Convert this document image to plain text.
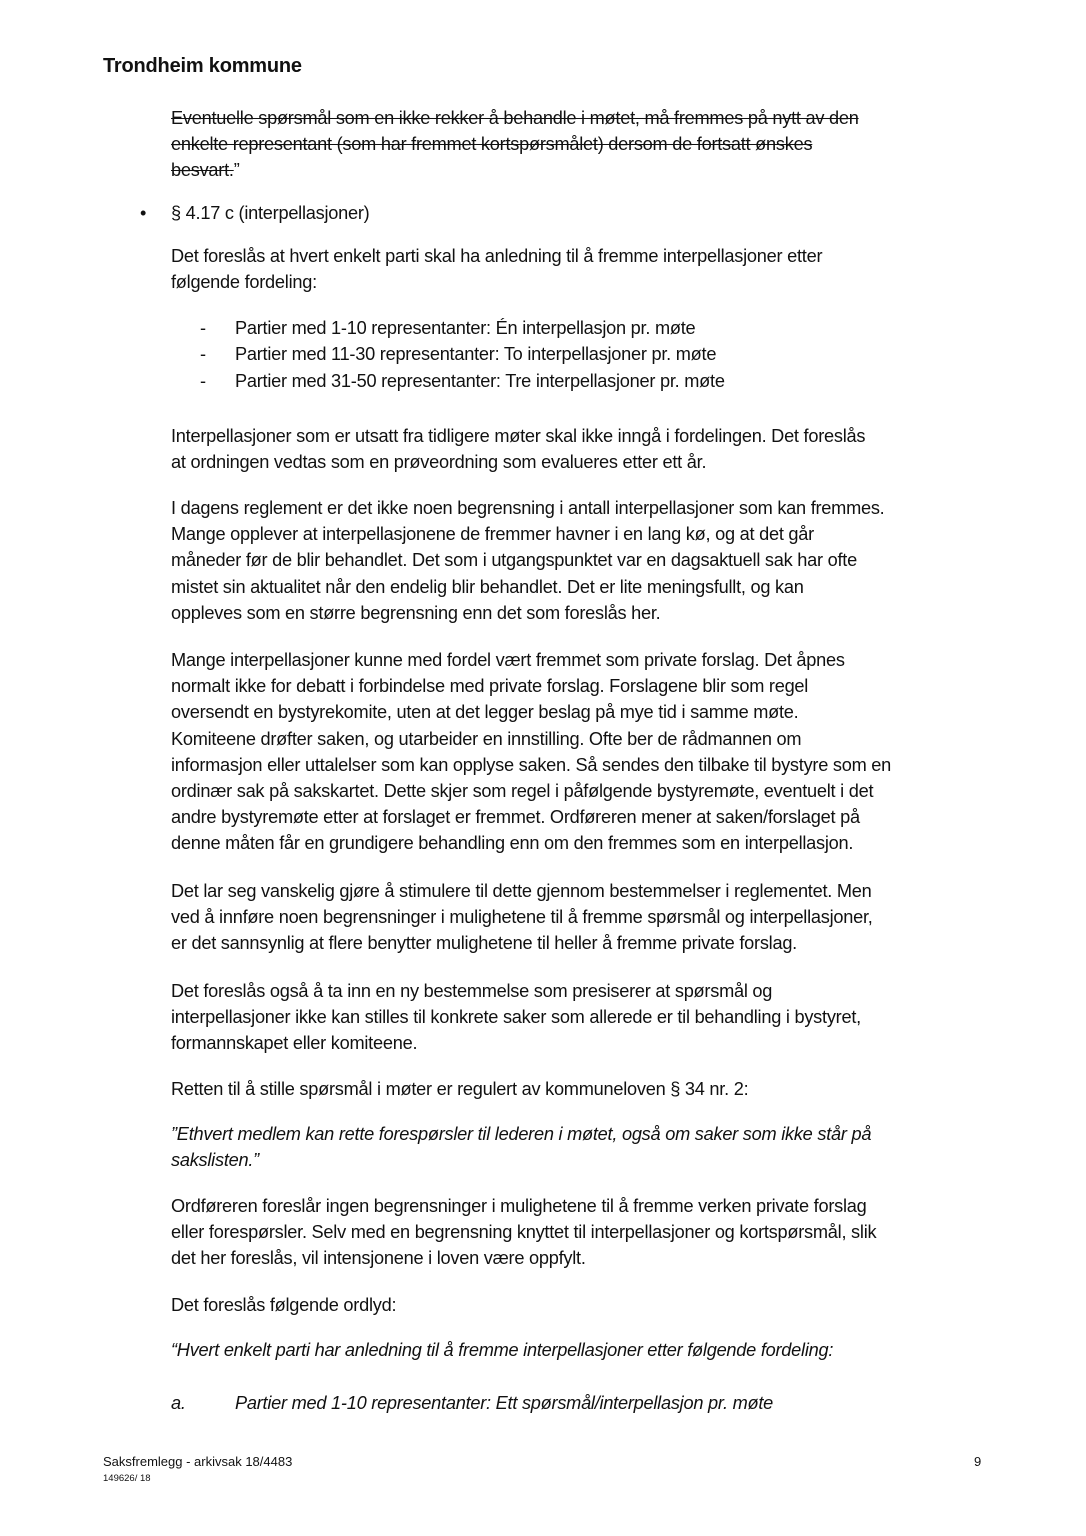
Trondheim kommune

Eventuelle spørsmål som en ikke rekker å behandle i møtet, må fremmes på nytt av den
enkelte representant (som har fremmet kortspørsmålet) dersom de fortsatt ønskes
besvart.”

• § 4.17 c (interpellasjoner)

Det foreslås at hvert enkelt parti skal ha anledning til å fremme interpellasjoner etter
følgende fordeling:

- Partier med 1-10 representanter: Én interpellasjon pr. møte
- Partier med 11-30 representanter: To interpellasjoner pr. møte
- Partier med 31-50 representanter: Tre interpellasjoner pr. møte

Interpellasjoner som er utsatt fra tidligere møter skal ikke inngå i fordelingen. Det foreslås
at ordningen vedtas som en prøveordning som evalueres etter ett år.

I dagens reglement er det ikke noen begrensning i antall interpellasjoner som kan fremmes.
Mange opplever at interpellasjonene de fremmer havner i en lang kø, og at det går
måneder før de blir behandlet. Det som i utgangspunktet var en dagsaktuell sak har ofte
mistet sin aktualitet når den endelig blir behandlet. Det er lite meningsfullt, og kan
oppleves som en større begrensning enn det som foreslås her.

Mange interpellasjoner kunne med fordel vært fremmet som private forslag. Det åpnes
normalt ikke for debatt i forbindelse med private forslag. Forslagene blir som regel
oversendt en bystyrekomite, uten at det legger beslag på mye tid i samme møte.
Komiteene drøfter saken, og utarbeider en innstilling. Ofte ber de rådmannen om
informasjon eller uttalelser som kan opplyse saken. Så sendes den tilbake til bystyre som en
ordinær sak på sakskartet. Dette skjer som regel i påfølgende bystyremøte, eventuelt i det
andre bystyremøte etter at forslaget er fremmet. Ordføreren mener at saken/forslaget på
denne måten får en grundigere behandling enn om den fremmes som en interpellasjon.

Det lar seg vanskelig gjøre å stimulere til dette gjennom bestemmelser i reglementet. Men
ved å innføre noen begrensninger i mulighetene til å fremme spørsmål og interpellasjoner,
er det sannsynlig at flere benytter mulighetene til heller å fremme private forslag.

Det foreslås også å ta inn en ny bestemmelse som presiserer at spørsmål og
interpellasjoner ikke kan stilles til konkrete saker som allerede er til behandling i bystyret,
formannskapet eller komiteene.

Retten til å stille spørsmål i møter er regulert av kommuneloven § 34 nr. 2:

”Ethvert medlem kan rette forespørsler til lederen i møtet, også om saker som ikke står på
sakslisten.”

Ordføreren foreslår ingen begrensninger i mulighetene til å fremme verken private forslag
eller forespørsler. Selv med en begrensning knyttet til interpellasjoner og kortspørsmål, slik
det her foreslås, vil intensjonene i loven være oppfylt.

Det foreslås følgende ordlyd:

“Hvert enkelt parti har anledning til å fremme interpellasjoner etter følgende fordeling:

a.	Partier med 1-10 representanter: Ett spørsmål/interpellasjon pr. møte
Saksfremlegg - arkivsak 18/4483
149626/ 18
9
